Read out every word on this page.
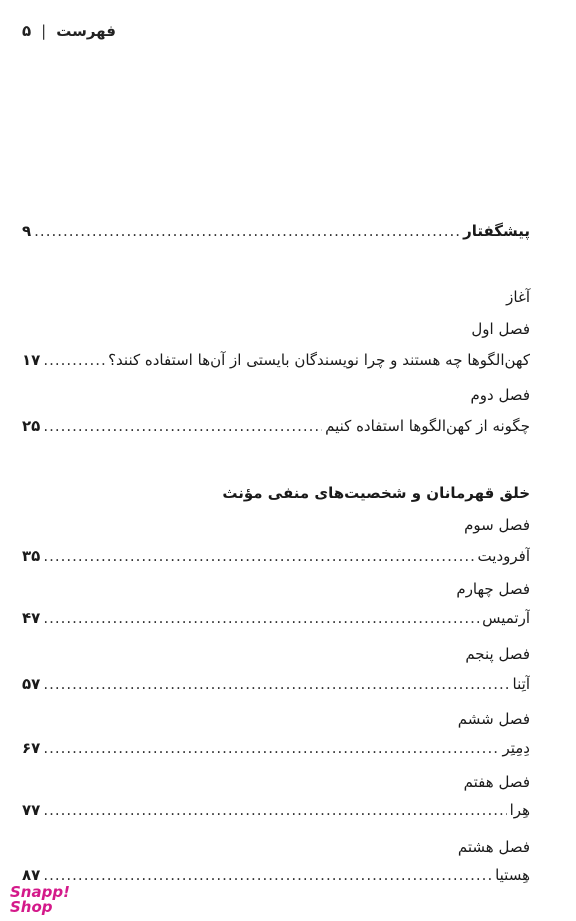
فهرست
|
۵
پیشگفتار
.....
۹
آغاز
فصل اول
کهن‌الگوها چه هستند و چرا نویسندگان بایستی از آن‌ها استفاده کنند؟
.....
۱۷
فصل دوم
چگونه از کهن‌الگوها استفاده کنیم
.....
۲۵
خلق قهرمانان و شخصیت‌های منفی مؤنث
فصل سوم
آفرودیت
.....
۳۵
فصل چهارم
آرتمیس
.....
۴۷
فصل پنجم
آتِنا
.....
۵۷
فصل ششم
دِمِتِر
.....
۶۷
فصل هفتم
هِرا
.....
۷۷
فصل هشتم
هِستیا
.....
۸۷
Snapp!
Shop
